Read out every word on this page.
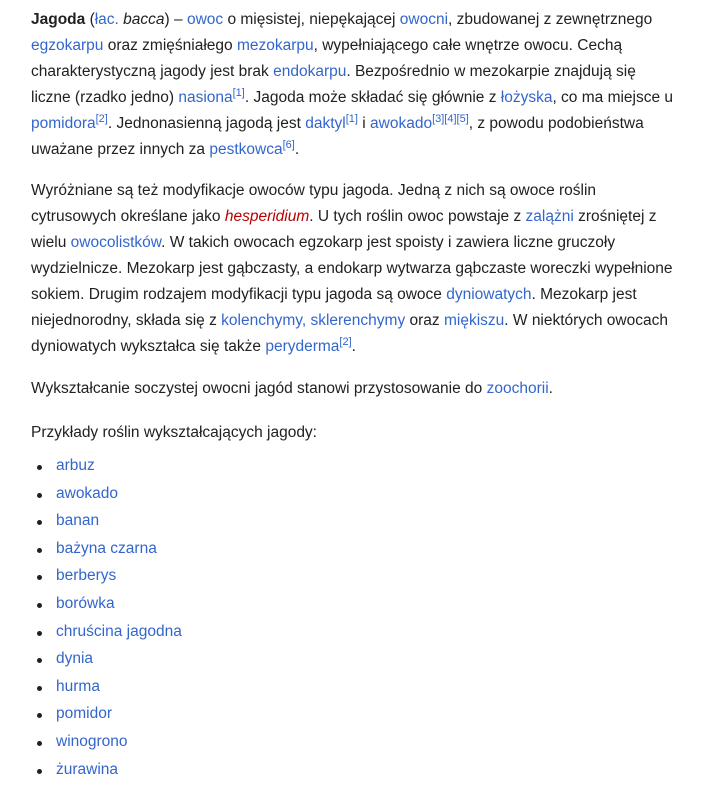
Jagoda (łac. bacca) – owoc o mięsistej, niepękającej owocni, zbudowanej z zewnętrznego
egzokarpu oraz zmięśniałego mezokarpu, wypełniającego całe wnętrze owocu. Cechą
charakterystyczną jagody jest brak endokarpu. Bezpośrednio w mezokarpie znajdują się
liczne (rzadko jedno) nasiona[1]. Jagoda może składać się głównie z łożyska, co ma miejsce u
pomidora[2]. Jednonasienną jagodą jest daktyl[1] i awokado[3][4][5], z powodu podobieństwa
uważane przez innych za pestkowca[6].
Wyróżniane są też modyfikacje owoców typu jagoda. Jedną z nich są owoce roślin
cytrusowych określane jako hesperidium. U tych roślin owoc powstaje z zalążni zrośniętej z
wielu owocolistków. W takich owocach egzokarp jest spoisty i zawiera liczne gruczoły
wydzielnicze. Mezokarp jest gąbczasty, a endokarp wytwarza gąbczaste woreczki wypełnione
sokiem. Drugim rodzajem modyfikacji typu jagoda są owoce dyniowatych. Mezokarp jest
niejednorodny, składa się z kolenchymy, sklerenchymy oraz miękiszu. W niektórych owocach
dyniowatych wykształca się także peryderma[2].
Wykształcanie soczystej owocni jagód stanowi przystosowanie do zoochorii.
Przykłady roślin wykształcających jagody:
arbuz
awokado
banan
bażyna czarna
berberys
borówka
chruścina jagodna
dynia
hurma
pomidor
winogrono
żurawina
